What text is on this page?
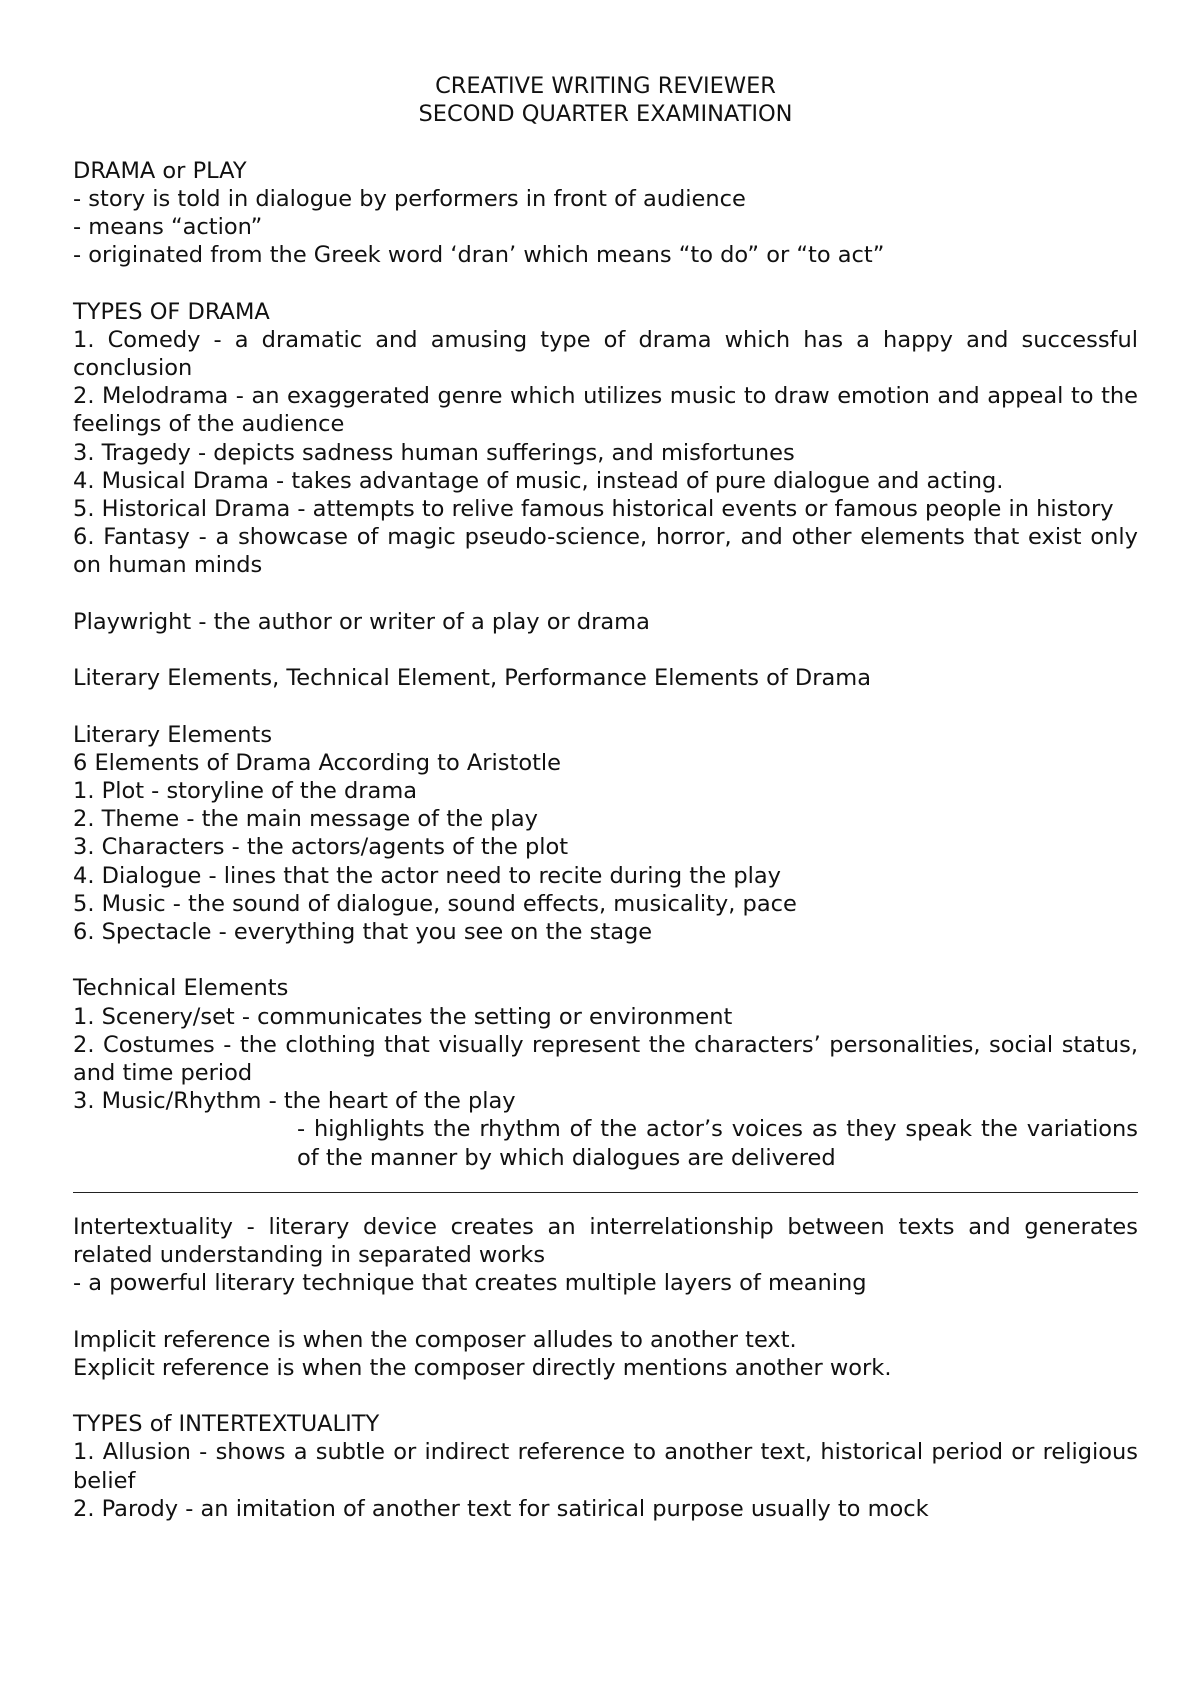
CREATIVE WRITING REVIEWER

SECOND QUARTER EXAMINATION

DRAMA or PLAY

- story is told in dialogue by performers in front of audience

- means “action”

- originated from the Greek word ‘dran’ which means “to do” or “to act”

TYPES OF DRAMA

1. Comedy - a dramatic and amusing type of drama which has a happy and successful conclusion

2. Melodrama - an exaggerated genre which utilizes music to draw emotion and appeal to the feelings of the audience

3. Tragedy - depicts sadness human sufferings, and misfortunes

4. Musical Drama - takes advantage of music, instead of pure dialogue and acting.

5. Historical Drama - attempts to relive famous historical events or famous people in history

6. Fantasy - a showcase of magic pseudo-science, horror, and other elements that exist only on human minds

Playwright - the author or writer of a play or drama

Literary Elements, Technical Element, Performance Elements of Drama

Literary Elements

6 Elements of Drama According to Aristotle

1. Plot - storyline of the drama

2. Theme - the main message of the play

3. Characters - the actors/agents of the plot

4. Dialogue - lines that the actor need to recite during the play

5. Music - the sound of dialogue, sound effects, musicality, pace

6. Spectacle - everything that you see on the stage

Technical Elements

1. Scenery/set - communicates the setting or environment

2. Costumes - the clothing that visually represent the characters’ personalities, social status, and time period

3. Music/Rhythm - the heart of the play

- highlights the rhythm of the actor’s voices as they speak the variations of the manner by which dialogues are delivered

Intertextuality - literary device creates an interrelationship between texts and generates related understanding in separated works

- a powerful literary technique that creates multiple layers of meaning

Implicit reference is when the composer alludes to another text.

Explicit reference is when the composer directly mentions another work.

TYPES of INTERTEXTUALITY

1. Allusion - shows a subtle or indirect reference to another text, historical period or religious belief

2. Parody - an imitation of another text for satirical purpose usually to mock
